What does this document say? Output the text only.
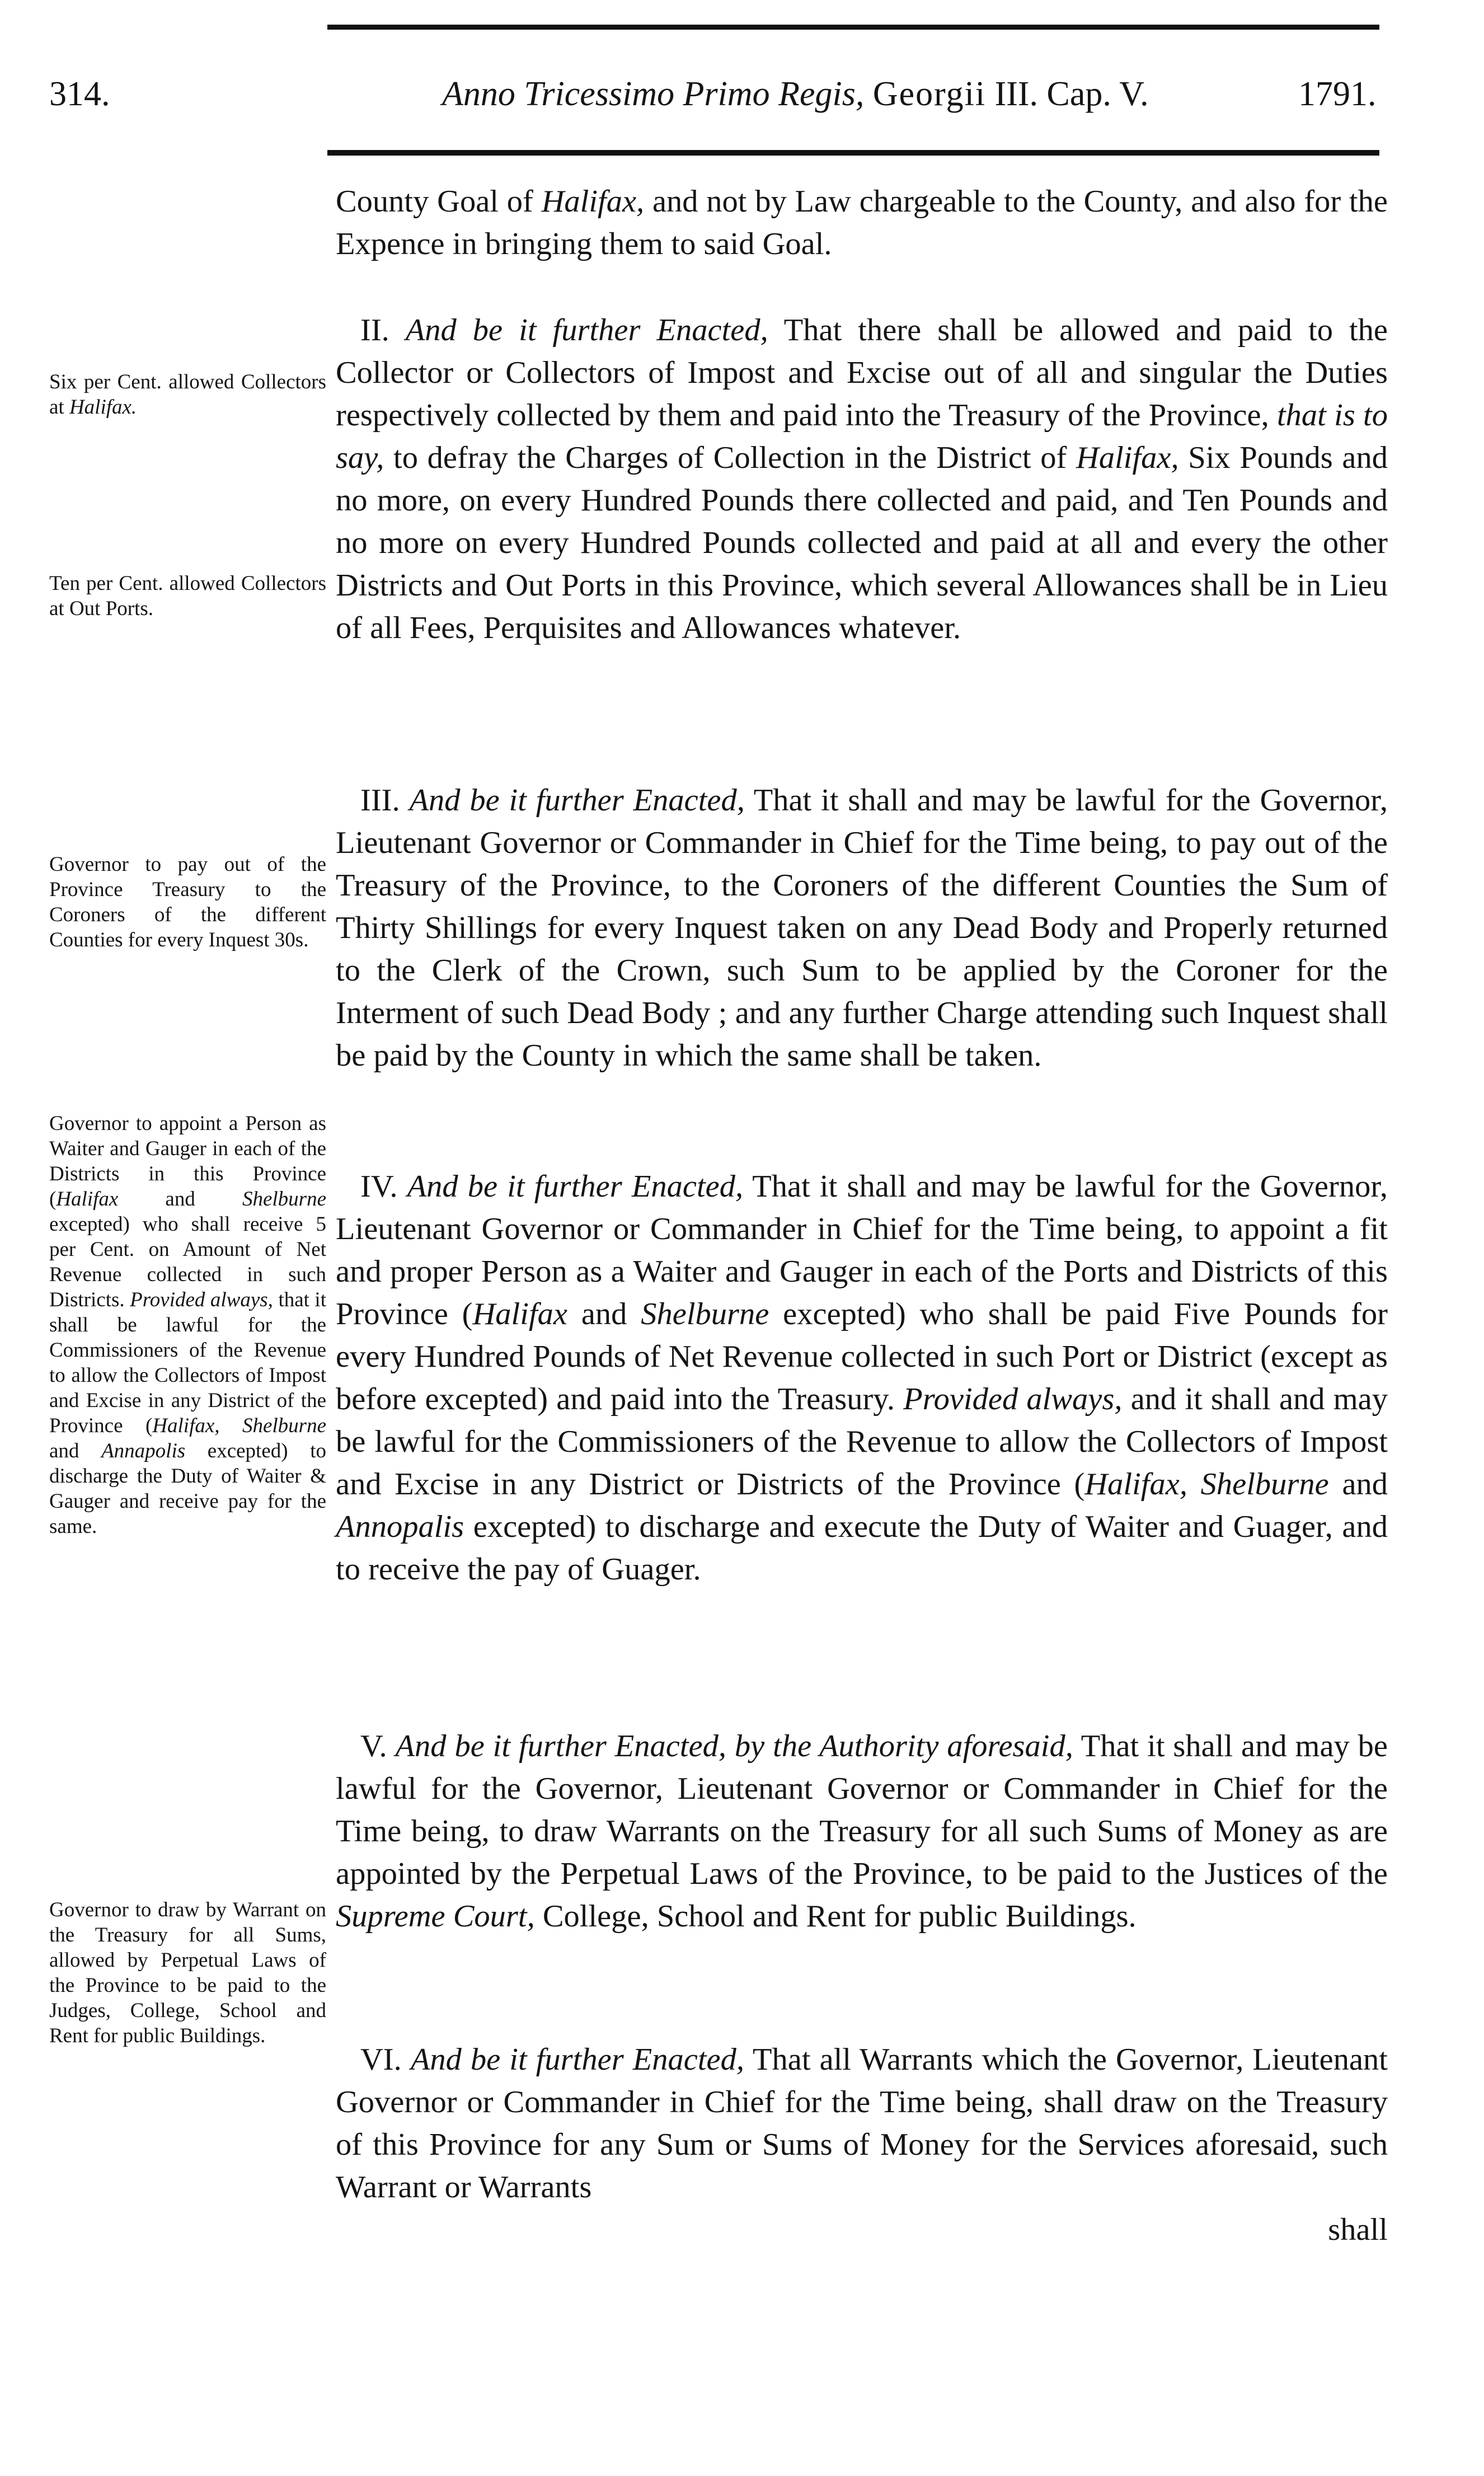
314.	Anno Tricessimo Primo Regis, Georgii III. Cap. V.	1791.

County Goal of Halifax, and not by Law chargeable to the County, and also for the Expence in bringing them to said Goal.

II. And be it further Enacted, That there shall be allowed and paid to the Collector or Collectors of Impost and Excise out of all and singular the Duties respectively collected by them and paid into the Treasury of the Province, that is to say, to defray the Charges of Collection in the District of Halifax, Six Pounds and no more, on every Hundred Pounds there collected and paid, and Ten Pounds and no more on every Hundred Pounds collected and paid at all and every the other Districts and Out Ports in this Province, which several Allowances shall be in Lieu of all Fees, Perquisites and Allowances whatever.

III. And be it further Enacted, That it shall and may be lawful for the Governor, Lieutenant Governor or Commander in Chief for the Time being, to pay out of the Treasury of the Province, to the Coroners of the different Counties the Sum of Thirty Shillings for every Inquest taken on any Dead Body and Properly returned to the Clerk of the Crown, such Sum to be applied by the Coroner for the Interment of such Dead Body ; and any further Charge attending such Inquest shall be paid by the County in which the same shall be taken.

IV. And be it further Enacted, That it shall and may be lawful for the Governor, Lieutenant Governor or Commander in Chief for the Time being, to appoint a fit and proper Person as a Waiter and Gauger in each of the Ports and Districts of this Province (Halifax and Shelburne excepted) who shall be paid Five Pounds for every Hundred Pounds of Net Revenue collected in such Port or District (except as before excepted) and paid into the Treasury. Provided always, and it shall and may be lawful for the Commissioners of the Revenue to allow the Collectors of Impost and Excise in any District or Districts of the Province (Halifax, Shelburne and Annopalis excepted) to discharge and execute the Duty of Waiter and Guager, and to receive the pay of Guager.

V. And be it further Enacted, by the Authority aforesaid, That it shall and may be lawful for the Governor, Lieutenant Governor or Commander in Chief for the Time being, to draw Warrants on the Treasury for all such Sums of Money as are appointed by the Perpetual Laws of the Province, to be paid to the Justices of the Supreme Court, College, School and Rent for public Buildings.

VI. And be it further Enacted, That all Warrants which the Governor, Lieutenant Governor or Commander in Chief for the Time being, shall draw on the Treasury of this Province for any Sum or Sums of Money for the Services aforesaid, such Warrant or Warrants
shall

Six per Cent. allowed Collectors at Halifax.

Ten per Cent. allowed Collectors at Out Ports.

Governor to pay out of the Province Treasury to the Coroners of the different Counties for every Inquest 30s.

Governor to appoint a Person as Waiter and Gauger in each of the Districts in this Province (Halifax and Shelburne excepted) who shall receive 5 per Cent. on Amount of Net Revenue collected in such Districts. Provided always, that it shall be lawful for the Commissioners of the Revenue to allow the Collectors of Impost and Excise in any District of the Province (Halifax, Shelburne and Annapolis excepted) to discharge the Duty of Waiter & Gauger and receive pay for the same.

Governor to draw by Warrant on the Treasury for all Sums, allowed by Perpetual Laws of the Province to be paid to the Judges, College, School and Rent for public Buildings.
